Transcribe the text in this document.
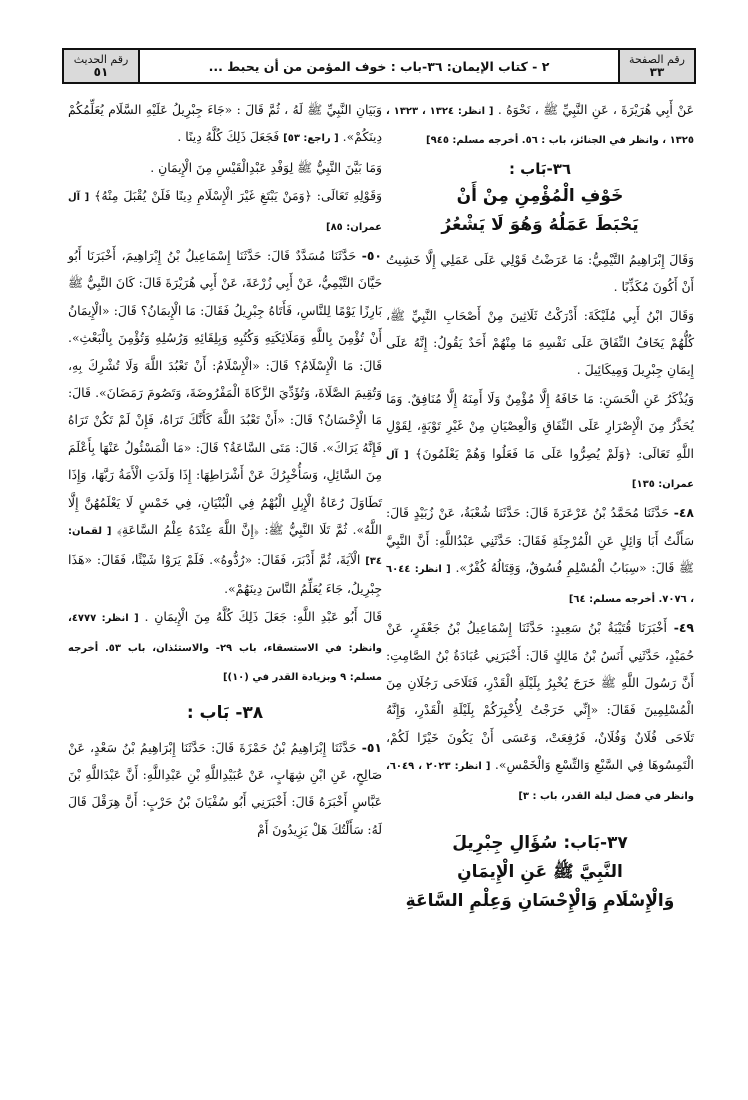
رقم الصفحة
٣٣
٢ - كتاب الإيمان: ٣٦-باب : خوف المؤمن من أن يحبط ...
رقم الحديث
٥١

عَنْ أَبِي هُرَيْرَةَ ، عَنِ النَّبِيِّ ﷺ ، نَحْوَهُ . [ انظر: ١٣٢٤ ، ١٣٢٣ ، ١٣٢٥ ، وانظر في الجنائز، باب : ٥٦. أخرجه مسلم: ٩٤٥]

٣٦-بَاب :
خَوْفِ الْمُؤْمِنِ مِنْ أَنْ
يَحْبَطَ عَمَلُهُ وَهُوَ لَا يَشْعُرُ

وَقَالَ إِبْرَاهِيمُ التَّيْمِيُّ: مَا عَرَضْتُ قَوْلِي عَلَى عَمَلِي إِلَّا خَشِيتُ أَنْ أَكُونَ مُكَذِّبًا .

وَقَالَ ابْنُ أَبِي مُلَيْكَةَ: أَدْرَكْتُ ثَلَاثِينَ مِنْ أَصْحَابِ النَّبِيِّ ﷺ، كُلُّهُمْ يَخَافُ النِّفَاقَ عَلَى نَفْسِهِ مَا مِنْهُمْ أَحَدٌ يَقُولُ: إِنَّهُ عَلَى إِيمَانِ جِبْرِيلَ وَمِيكَائِيلَ .

وَيُذْكَرُ عَنِ الْحَسَنِ: مَا خَافَهُ إِلَّا مُؤْمِنٌ وَلَا أَمِنَهُ إِلَّا مُنَافِقٌ. وَمَا يُحَذَّرُ مِنَ الْإِصْرَارِ عَلَى النِّفَاقِ وَالْعِصْيَانِ مِنْ غَيْرِ تَوْبَةٍ، لِقَوْلِ اللَّهِ تَعَالَى: ﴿وَلَمْ يُصِرُّوا عَلَى مَا فَعَلُوا وَهُمْ يَعْلَمُونَ﴾ [ آل عمران: ١٣٥]

٤٨- حَدَّثَنَا مُحَمَّدُ بْنُ عَرْعَرَةَ قَالَ: حَدَّثَنَا شُعْبَةُ، عَنْ زُبَيْدٍ قَالَ: سَأَلْتُ أَبَا وَائِلٍ عَنِ الْمُرْجِئَةِ فَقَالَ: حَدَّثَنِي عَبْدُاللَّهِ: أَنَّ النَّبِيَّ ﷺ قَالَ: «سِبَابُ الْمُسْلِمِ فُسُوقٌ، وَقِتَالُهُ كُفْرٌ». [ انظر: ٦٠٤٤ ، ٧٠٧٦. أخرجه مسلم: ٦٤]

٤٩- أَخْبَرَنَا قُتَيْبَةُ بْنُ سَعِيدٍ: حَدَّثَنَا إِسْمَاعِيلُ بْنُ جَعْفَرٍ، عَنْ حُمَيْدٍ، حَدَّثَنِي أَنَسُ بْنُ مَالِكٍ قَالَ: أَخْبَرَنِي عُبَادَةُ بْنُ الصَّامِتِ: أَنَّ رَسُولَ اللَّهِ ﷺ خَرَجَ يُخْبِرُ بِلَيْلَةِ الْقَدْرِ، فَتَلَاحَى رَجُلَانِ مِنَ الْمُسْلِمِينَ فَقَالَ: «إِنِّي خَرَجْتُ لِأُخْبِرَكُمْ بِلَيْلَةِ الْقَدْرِ، وَإِنَّهُ تَلَاحَى فُلَانٌ وَفُلَانٌ، فَرُفِعَتْ، وَعَسَى أَنْ يَكُونَ خَيْرًا لَكُمْ، الْتَمِسُوهَا فِي السَّبْعِ وَالتِّسْعِ وَالْخَمْسِ». [ انظر: ٢٠٢٣ ، ٦٠٤٩، وانظر في فضل ليلة القدر، باب : ٣]

٣٧-بَاب: سُؤَالِ جِبْرِيلَ
النَّبِيَّ ﷺ عَنِ الْإِيمَانِ
وَالْإِسْلَامِ وَالْإِحْسَانِ وَعِلْمِ السَّاعَةِ

وَبَيَانِ النَّبِيِّ ﷺ لَهُ ، ثُمَّ قَالَ : «جَاءَ جِبْرِيلُ عَلَيْهِ السَّلَام يُعَلِّمُكُمْ دِينَكُمْ». [ راجع: ٥٣] فَجَعَلَ ذَلِكَ كُلَّهُ دِينًا .

وَمَا بَيَّنَ النَّبِيُّ ﷺ لِوَفْدِ عَبْدِالْقَيْسِ مِنَ الْإِيمَانِ .

وَقَوْلِهِ تَعَالَى: ﴿وَمَنْ يَبْتَغِ غَيْرَ الْإِسْلَامِ دِينًا فَلَنْ يُقْبَلَ مِنْهُ﴾ [ آل عمران: ٨٥]

٥٠- حَدَّثَنَا مُسَدَّدٌ قَالَ: حَدَّثَنَا إِسْمَاعِيلُ بْنُ إِبْرَاهِيمَ، أَخْبَرَنَا أَبُو حَيَّانَ التَّيْمِيُّ، عَنْ أَبِي زُرْعَةَ، عَنْ أَبِي هُرَيْرَةَ قَالَ: كَانَ النَّبِيُّ ﷺ بَارِزًا يَوْمًا لِلنَّاسِ، فَأَتَاهُ جِبْرِيلُ فَقَالَ: مَا الْإِيمَانُ؟ قَالَ: «الْإِيمَانُ أَنْ تُؤْمِنَ بِاللَّهِ وَمَلَائِكَتِهِ وَكُتُبِهِ وَبِلِقَائِهِ وَرُسُلِهِ وَتُؤْمِنَ بِالْبَعْثِ». قَالَ: مَا الْإِسْلَامُ؟ قَالَ: «الْإِسْلَامُ: أَنْ تَعْبُدَ اللَّهَ وَلَا تُشْرِكَ بِهِ، وَتُقِيمَ الصَّلَاةَ، وَتُؤَدِّيَ الزَّكَاةَ الْمَفْرُوضَةَ، وَتَصُومَ رَمَضَانَ». قَالَ: مَا الْإِحْسَانُ؟ قَالَ: «أَنْ تَعْبُدَ اللَّهَ كَأَنَّكَ تَرَاهُ، فَإِنْ لَمْ تَكُنْ تَرَاهُ فَإِنَّهُ يَرَاكَ». قَالَ: مَتَى السَّاعَةُ؟ قَالَ: «مَا الْمَسْئُولُ عَنْهَا بِأَعْلَمَ مِنَ السَّائِلِ، وَسَأُخْبِرُكَ عَنْ أَشْرَاطِهَا: إِذَا وَلَدَتِ الْأَمَةُ رَبَّهَا، وَإِذَا تَطَاوَلَ رُعَاةُ الْإِبِلِ الْبُهْمُ فِي الْبُنْيَانِ، فِي خَمْسٍ لَا يَعْلَمُهُنَّ إِلَّا اللَّهُ». ثُمَّ تَلَا النَّبِيُّ ﷺ: ﴿إِنَّ اللَّهَ عِنْدَهُ عِلْمُ السَّاعَةِ﴾ [ لقمان: ٣٤] الْآيَةَ، ثُمَّ أَدْبَرَ، فَقَالَ: «رُدُّوهُ». فَلَمْ يَرَوْا شَيْئًا، فَقَالَ: «هَذَا جِبْرِيلُ، جَاءَ يُعَلِّمُ النَّاسَ دِينَهُمْ».

قَالَ أَبُو عَبْدِ اللَّهِ: جَعَلَ ذَلِكَ كُلَّهُ مِنَ الْإِيمَانِ . [ انظر: ٤٧٧٧، وانظر: في الاستسقاء، باب ٢٩- والاستئذان، باب ٥٣. أخرجه مسلم: ٩ وبزيادة القدر في (١٠)]

٣٨- بَاب :

٥١- حَدَّثَنَا إِبْرَاهِيمُ بْنُ حَمْزَةَ قَالَ: حَدَّثَنَا إِبْرَاهِيمُ بْنُ سَعْدٍ، عَنْ صَالِحٍ، عَنِ ابْنِ شِهَابٍ، عَنْ عُبَيْدِاللَّهِ بْنِ عَبْدِاللَّهِ: أَنَّ عَبْدَاللَّهِ بْنَ عَبَّاسٍ أَخْبَرَهُ قَالَ: أَخْبَرَنِي أَبُو سُفْيَانَ بْنُ حَرْبٍ: أَنَّ هِرَقْلَ قَالَ لَهُ: سَأَلْتُكَ هَلْ يَزِيدُونَ أَمْ
